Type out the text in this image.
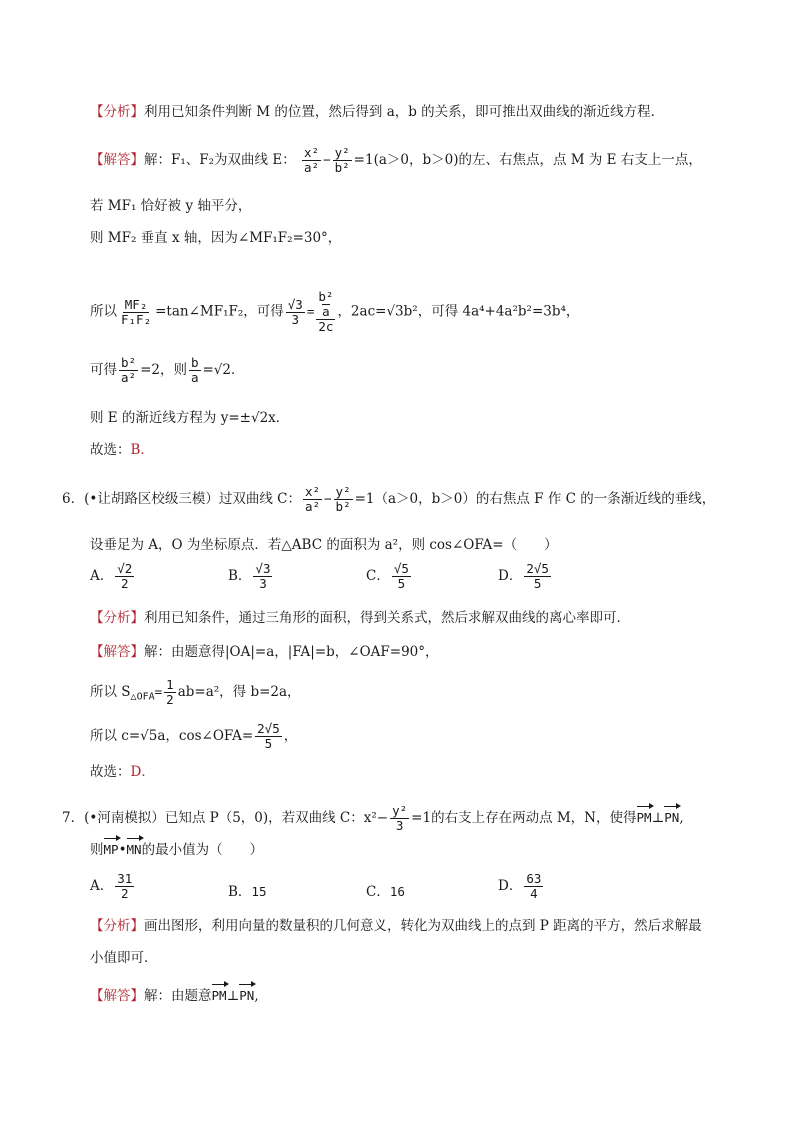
【分析】利用已知条件判断 M 的位置，然后得到 a，b 的关系，即可推出双曲线的渐近线方程．
【解答】解：F₁、F₂为双曲线 E： $\frac{\text{x²}}{\text{a²}} - \frac{\text{y²}}{\text{b²}} =1(a>0$，b＞0)的左、右焦点，点 M 为 E 右支上一点，
若 MF₁ 恰好被 y 轴平分，
则 MF₂ 垂直 x 轴，因为∠MF₁F₂=30°，
所以 $\frac{\text{MF₂}}{\text{F₁F₂}}$ =tan∠MF₁F₂，可得 $\frac{√3}{3} = b^2$
a
2c ，2ac=√3b²，可得 4a⁴+4a²b²=3b⁴，
可得 $\frac{\text{b²}}{\text{a²}} =2$，则 $\frac{b}{a} =√2$．
则 E 的渐近线方程为 y=±√2x．
故选：B．
6．(•让胡路区校级三模）过双曲线 C： $\frac{\text{x²}}{\text{a²}} - \frac{\text{y²}}{\text{b²}} =1(a>0$，b＞0）的右焦点 F 作 C 的一条渐近线的垂线，
设垂足为 A，O 为坐标原点．若△ABC 的面积为 a²，则 cos∠OFA=（　　）
A． $\frac{√2}{2}$	B． $\frac{√3}{3}$	C． $\frac{√5}{5}$	D． $\frac{2√5}{5}$
【分析】利用已知条件，通过三角形的面积，得到关系式，然后求解双曲线的离心率即可．
【解答】解：由题意得|OA|=a，|FA|=b，∠OAF=90°，
所以 $S_{\triangle OFA}= \frac{1}{2} ab=a^2$，得 b=2a，
所以 c=√5a，cos∠OFA= $\frac{2√5}{5}$ ，
故选：D．
7．(•河南模拟）已知点 P（5，0)，若双曲线 C：$x^2- \frac{\text{y²}}{3} =1$的右支上存在两动点 M，N，使得PM⊥PN,
则MP•MN的最小值为（　　）
A． $\frac{31}{2}$	B．15	C．16	D． $\frac{63}{4}$
【分析】画出图形，利用向量的数量积的几何意义，转化为双曲线上的点到 P 距离的平方，然后求解最
小值即可．
【解答】解：由题意PM⊥PN,
